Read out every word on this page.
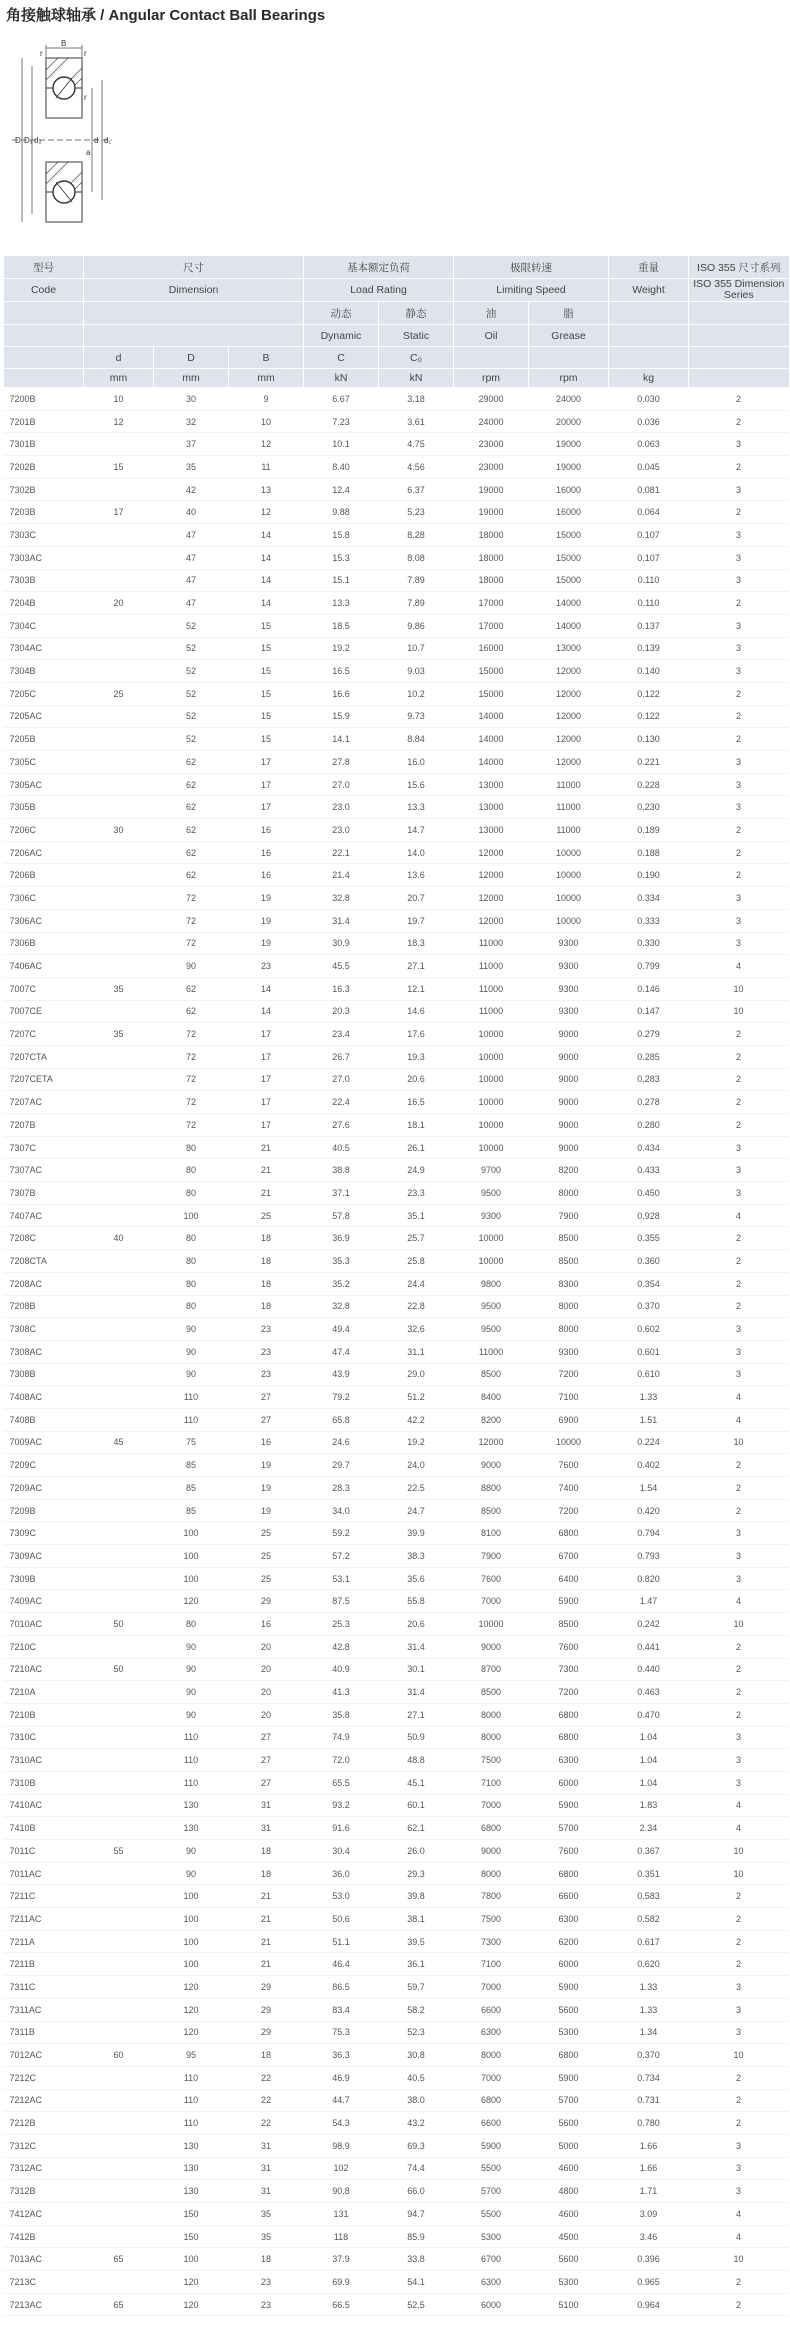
角接触球轴承 / Angular Contact Ball Bearings
B
r
r
r
D D₁ d₂	d d₁
a
型号	尺寸			基本额定负荷		极限转速		重量	ISO 355 尺寸系列
Code	Dimension			Load Rating		Limiting Speed		Weight	ISO 355 Dimension Series
				动态	静态	油	脂		
				Dynamic	Static	Oil	Grease		
	d	D	B	C	C₀				
	mm	mm	mm	kN	kN	rpm	rpm	kg	
7200B	10	30	9	6.67	3.18	29000	24000	0.030	2
7201B	12	32	10	7.23	3.61	24000	20000	0.036	2
7301B		37	12	10.1	4.75	23000	19000	0.063	3
7202B	15	35	11	8.40	4.56	23000	19000	0.045	2
7302B		42	13	12.4	6.37	19000	16000	0.081	3
7203B	17	40	12	9.88	5.23	19000	16000	0.064	2
7303C		47	14	15.8	8.28	18000	15000	0.107	3
7303AC		47	14	15.3	8.08	18000	15000	0.107	3
7303B		47	14	15.1	7.89	18000	15000	0.110	3
7204B	20	47	14	13.3	7.89	17000	14000	0.110	2
7304C		52	15	18.5	9.86	17000	14000	0.137	3
7304AC		52	15	19.2	10.7	16000	13000	0.139	3
7304B		52	15	16.5	9.03	15000	12000	0.140	3
7205C	25	52	15	16.6	10.2	15000	12000	0.122	2
7205AC		52	15	15.9	9.73	14000	12000	0.122	2
7205B		52	15	14.1	8.84	14000	12000	0.130	2
7305C		62	17	27.8	16.0	14000	12000	0.221	3
7305AC		62	17	27.0	15.6	13000	11000	0.228	3
7305B		62	17	23.0	13.3	13000	11000	0.230	3
7206C	30	62	16	23.0	14.7	13000	11000	0.189	2
7206AC		62	16	22.1	14.0	12000	10000	0.188	2
7206B		62	16	21.4	13.6	12000	10000	0.190	2
7306C		72	19	32.8	20.7	12000	10000	0.334	3
7306AC		72	19	31.4	19.7	12000	10000	0.333	3
7306B		72	19	30.9	18.3	11000	9300	0.330	3
7406AC		90	23	45.5	27.1	11000	9300	0.799	4
7007C	35	62	14	16.3	12.1	11000	9300	0.146	10
7007CE		62	14	20.3	14.6	11000	9300	0.147	10
7207C	35	72	17	23.4	17.6	10000	9000	0.279	2
7207CTA		72	17	26.7	19.3	10000	9000	0.285	2
7207CETA		72	17	27.0	20.6	10000	9000	0.283	2
7207AC		72	17	22.4	16.5	10000	9000	0.278	2
7207B		72	17	27.6	18.1	10000	9000	0.280	2
7307C		80	21	40.5	26.1	10000	9000	0.434	3
7307AC		80	21	38.8	24.9	9700	8200	0.433	3
7307B		80	21	37.1	23.3	9500	8000	0.450	3
7407AC		100	25	57.8	35.1	9300	7900	0.928	4
7208C	40	80	18	36.9	25.7	10000	8500	0.355	2
7208CTA		80	18	35.3	25.8	10000	8500	0.360	2
7208AC		80	18	35.2	24.4	9800	8300	0.354	2
7208B		80	18	32.8	22.8	9500	8000	0.370	2
7308C		90	23	49.4	32.6	9500	8000	0.602	3
7308AC		90	23	47.4	31.1	11000	9300	0.601	3
7308B		90	23	43.9	29.0	8500	7200	0.610	3
7408AC		110	27	79.2	51.2	8400	7100	1.33	4
7408B		110	27	65.8	42.2	8200	6900	1.51	4
7009AC	45	75	16	24.6	19.2	12000	10000	0.224	10
7209C		85	19	29.7	24.0	9000	7600	0.402	2
7209AC		85	19	28.3	22.5	8800	7400	1.54	2
7209B		85	19	34.0	24.7	8500	7200	0.420	2
7309C		100	25	59.2	39.9	8100	6800	0.794	3
7309AC		100	25	57.2	38.3	7900	6700	0.793	3
7309B		100	25	53.1	35.6	7600	6400	0.820	3
7409AC		120	29	87.5	55.8	7000	5900	1.47	4
7010AC	50	80	16	25.3	20.6	10000	8500	0.242	10
7210C		90	20	42.8	31.4	9000	7600	0.441	2
7210AC	50	90	20	40.9	30.1	8700	7300	0.440	2
7210A		90	20	41.3	31.4	8500	7200	0.463	2
7210B		90	20	35.8	27.1	8000	6800	0.470	2
7310C		110	27	74.9	50.9	8000	6800	1.04	3
7310AC		110	27	72.0	48.8	7500	6300	1.04	3
7310B		110	27	65.5	45.1	7100	6000	1.04	3
7410AC		130	31	93.2	60.1	7000	5900	1.83	4
7410B		130	31	91.6	62.1	6800	5700	2.34	4
7011C	55	90	18	30.4	26.0	9000	7600	0.367	10
7011AC		90	18	36.0	29.3	8000	6800	0.351	10
7211C		100	21	53.0	39.8	7800	6600	0.583	2
7211AC		100	21	50.6	38.1	7500	6300	0.582	2
7211A		100	21	51.1	39.5	7300	6200	0.617	2
7211B		100	21	46.4	36.1	7100	6000	0.620	2
7311C		120	29	86.5	59.7	7000	5900	1.33	3
7311AC		120	29	83.4	58.2	6600	5600	1.33	3
7311B		120	29	75.3	52.3	6300	5300	1.34	3
7012AC	60	95	18	36.3	30.8	8000	6800	0.370	10
7212C		110	22	46.9	40.5	7000	5900	0.734	2
7212AC		110	22	44.7	38.0	6800	5700	0.731	2
7212B		110	22	54.3	43.2	6600	5600	0.780	2
7312C		130	31	98.9	69.3	5900	5000	1.66	3
7312AC		130	31	102	74.4	5500	4600	1.66	3
7312B		130	31	90.8	66.0	5700	4800	1.71	3
7412AC		150	35	131	94.7	5500	4600	3.09	4
7412B		150	35	118	85.9	5300	4500	3.46	4
7013AC	65	100	18	37.9	33.8	6700	5600	0.396	10
7213C		120	23	69.9	54.1	6300	5300	0.965	2
7213AC	65	120	23	66.5	52.5	6000	5100	0.964	2
